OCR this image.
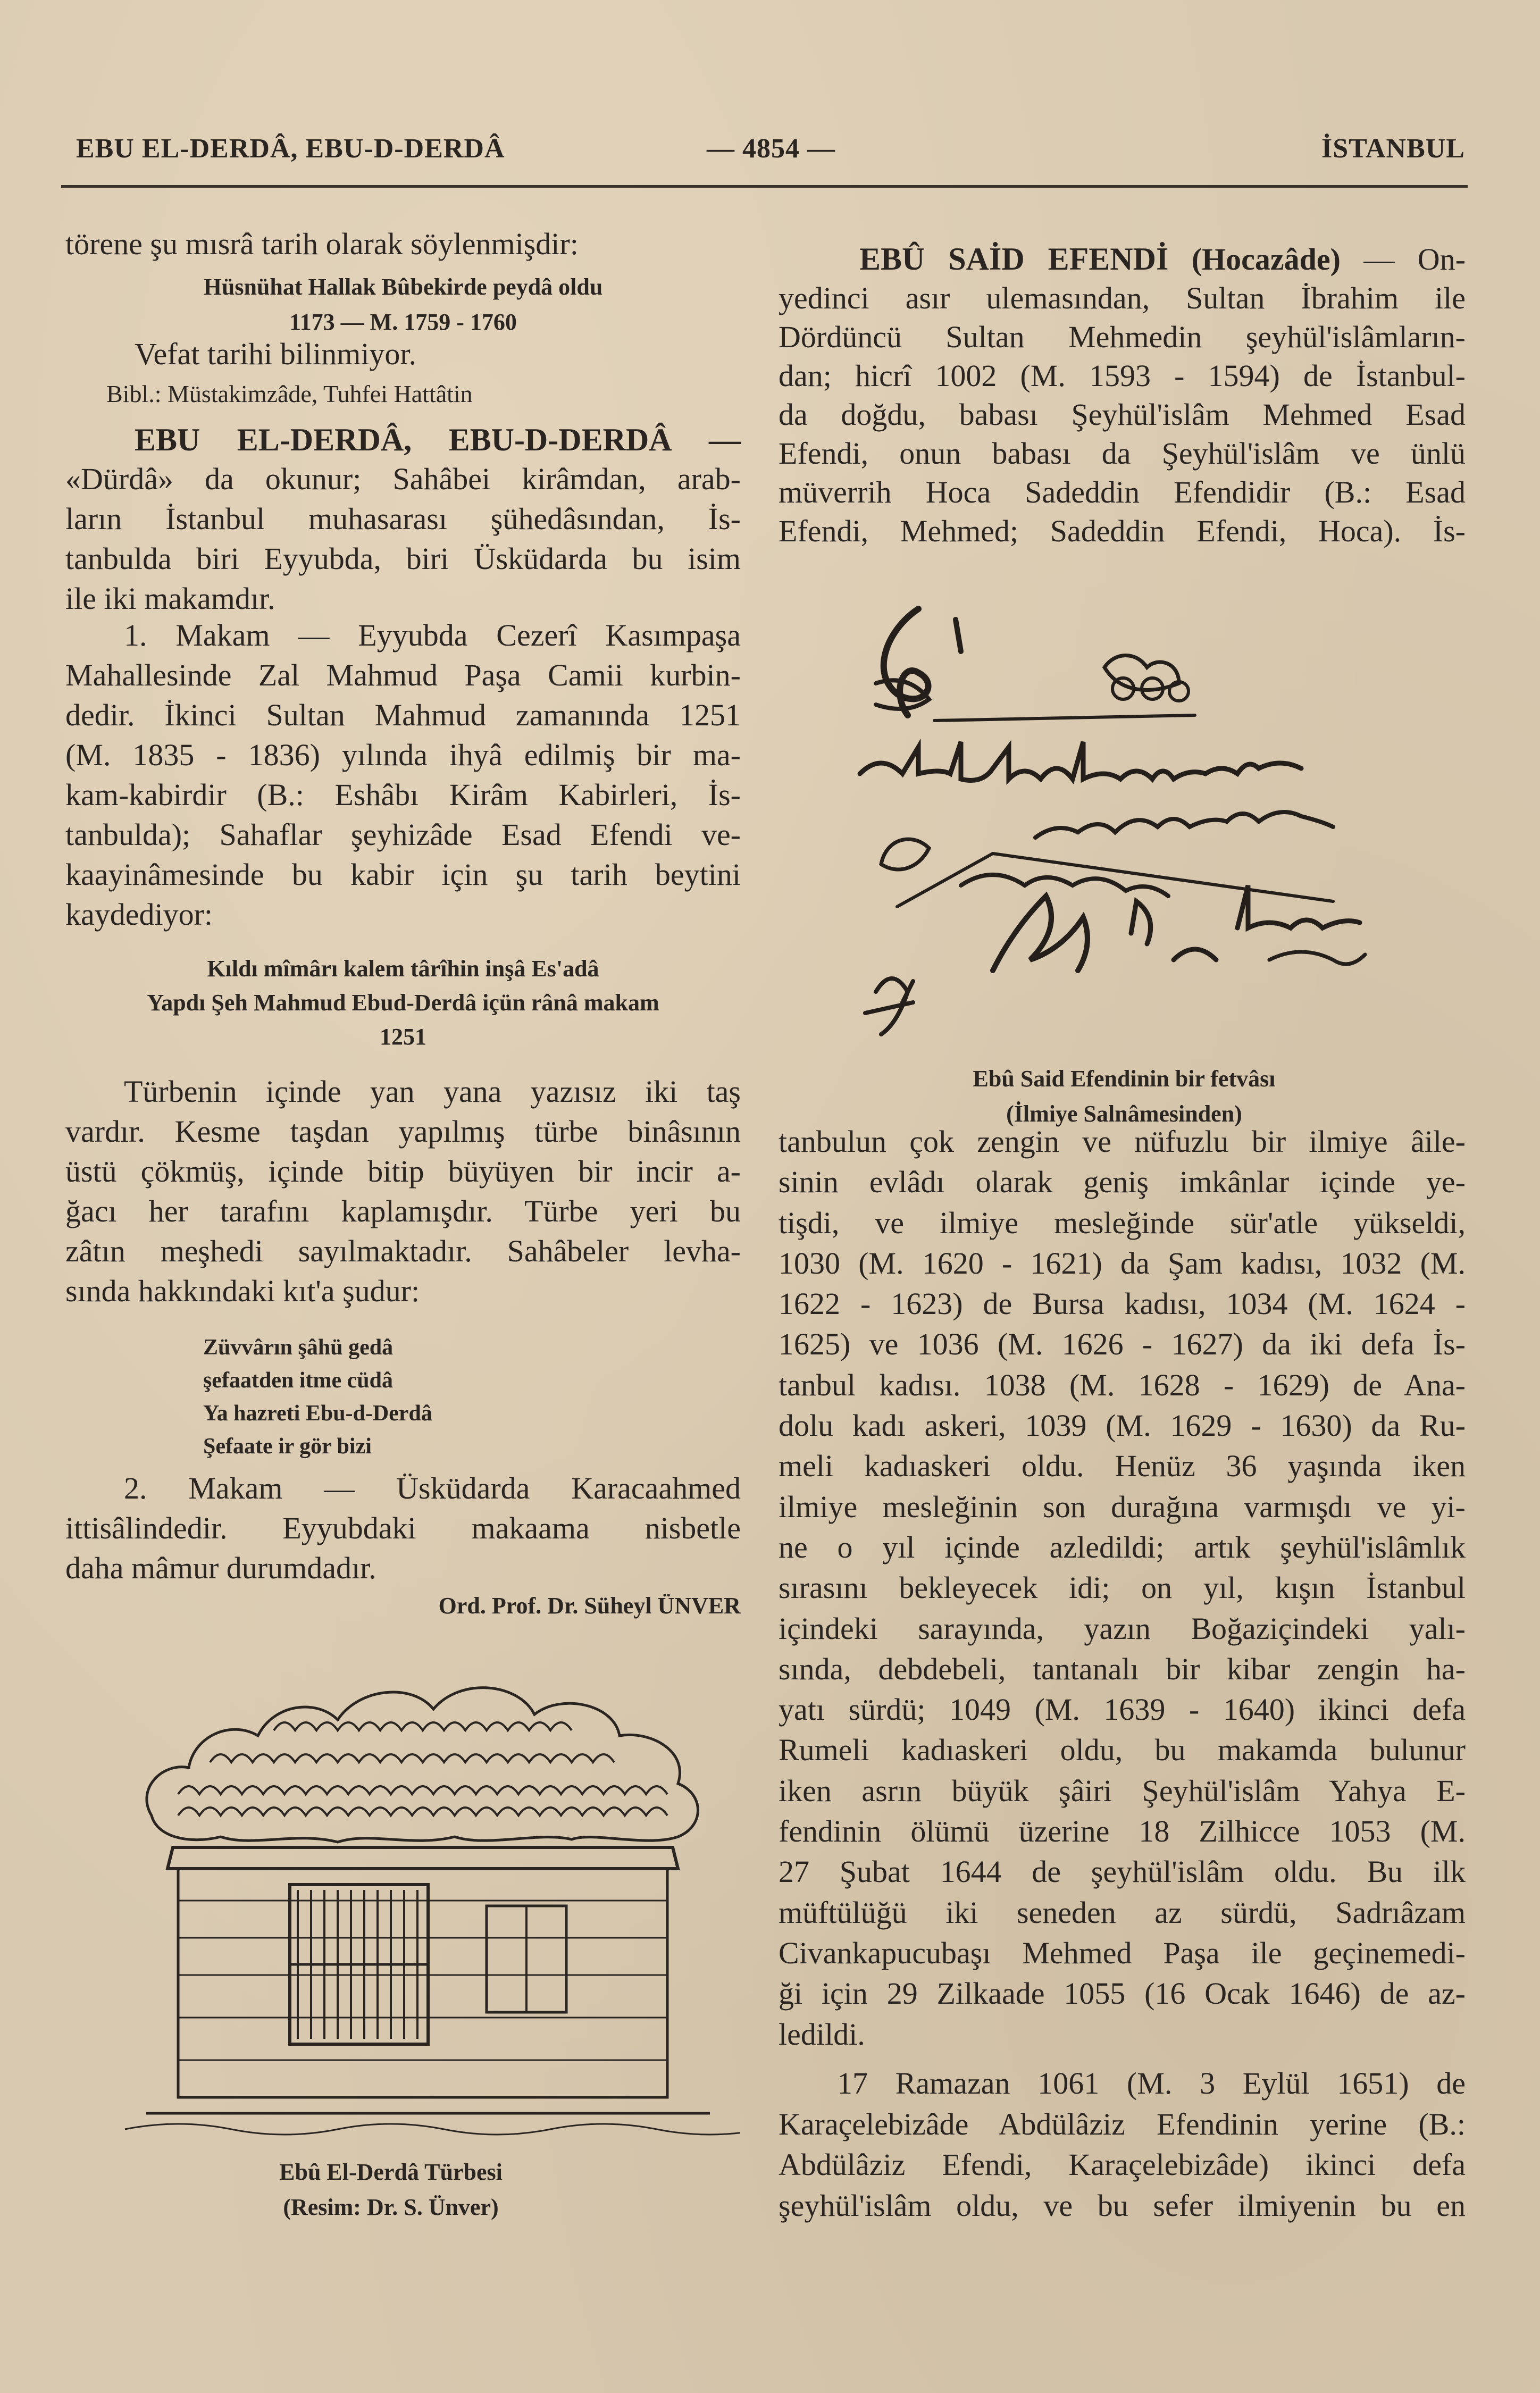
EBU EL-DERDÂ, EBU-D-DERDÂ	— 4854 —	İSTANBUL
törene şu mısrâ tarih olarak söylenmişdir:
Hüsnühat Hallak Bûbekirde peydâ oldu
1173 — M. 1759 - 1760
Vefat tarihi bilinmiyor.
Bibl.: Müstakimzâde, Tuhfei Hattâtin
EBU EL-DERDÂ, EBU-D-DERDÂ —
«Dürdâ» da okunur; Sahâbei kirâmdan, arab-
ların İstanbul muhasarası şühedâsından, İs-
tanbulda biri Eyyubda, biri Üsküdarda bu isim
ile iki makamdır.
1. Makam — Eyyubda Cezerî Kasımpaşa
Mahallesinde Zal Mahmud Paşa Camii kurbin-
dedir. İkinci Sultan Mahmud zamanında 1251
(M. 1835 - 1836) yılında ihyâ edilmiş bir ma-
kam-kabirdir (B.: Eshâbı Kirâm Kabirleri, İs-
tanbulda); Sahaflar şeyhizâde Esad Efendi ve-
kaayinâmesinde bu kabir için şu tarih beytini
kaydediyor:
Kıldı mîmârı kalem târîhin inşâ Es'adâ
Yapdı Şeh Mahmud Ebud-Derdâ içün rânâ makam
1251
Türbenin içinde yan yana yazısız iki taş
vardır. Kesme taşdan yapılmış türbe binâsının
üstü çökmüş, içinde bitip büyüyen bir incir a-
ğacı her tarafını kaplamışdır. Türbe yeri bu
zâtın meşhedi sayılmaktadır. Sahâbeler levha-
sında hakkındaki kıt'a şudur:
Züvvârın şâhü gedâ
şefaatden itme cüdâ
Ya hazreti Ebu-d-Derdâ
Şefaate ir gör bizi
2. Makam — Üsküdarda Karacaahmed
ittisâlindedir. Eyyubdaki makaama nisbetle
daha mâmur durumdadır.
Ord. Prof. Dr. Süheyl ÜNVER
Ebû El-Derdâ Türbesi
(Resim: Dr. S. Ünver)
EBÛ SAİD EFENDİ (Hocazâde) — On-
yedinci asır ulemasından, Sultan İbrahim ile
Dördüncü Sultan Mehmedin şeyhül'islâmların-
dan; hicrî 1002 (M. 1593 - 1594) de İstanbul-
da doğdu, babası Şeyhül'islâm Mehmed Esad
Efendi, onun babası da Şeyhül'islâm ve ünlü
müverrih Hoca Sadeddin Efendidir (B.: Esad
Efendi, Mehmed; Sadeddin Efendi, Hoca). İs-
Ebû Said Efendinin bir fetvâsı
(İlmiye Salnâmesinden)
tanbulun çok zengin ve nüfuzlu bir ilmiye âile-
sinin evlâdı olarak geniş imkânlar içinde ye-
tişdi, ve ilmiye mesleğinde sür'atle yükseldi,
1030 (M. 1620 - 1621) da Şam kadısı, 1032 (M.
1622 - 1623) de Bursa kadısı, 1034 (M. 1624 -
1625) ve 1036 (M. 1626 - 1627) da iki defa İs-
tanbul kadısı. 1038 (M. 1628 - 1629) de Ana-
dolu kadı askeri, 1039 (M. 1629 - 1630) da Ru-
meli kadıaskeri oldu. Henüz 36 yaşında iken
ilmiye mesleğinin son durağına varmışdı ve yi-
ne o yıl içinde azledildi; artık şeyhül'islâmlık
sırasını bekleyecek idi; on yıl, kışın İstanbul
içindeki sarayında, yazın Boğaziçindeki yalı-
sında, debdebeli, tantanalı bir kibar zengin ha-
yatı sürdü; 1049 (M. 1639 - 1640) ikinci defa
Rumeli kadıaskeri oldu, bu makamda bulunur
iken asrın büyük şâiri Şeyhül'islâm Yahya E-
fendinin ölümü üzerine 18 Zilhicce 1053 (M.
27 Şubat 1644 de şeyhül'islâm oldu. Bu ilk
müftülüğü iki seneden az sürdü, Sadrıâzam
Civankapucubaşı Mehmed Paşa ile geçinemedi-
ği için 29 Zilkaade 1055 (16 Ocak 1646) de az-
ledildi.
17 Ramazan 1061 (M. 3 Eylül 1651) de
Karaçelebizâde Abdülâziz Efendinin yerine (B.:
Abdülâziz Efendi, Karaçelebizâde) ikinci defa
şeyhül'islâm oldu, ve bu sefer ilmiyenin bu en
